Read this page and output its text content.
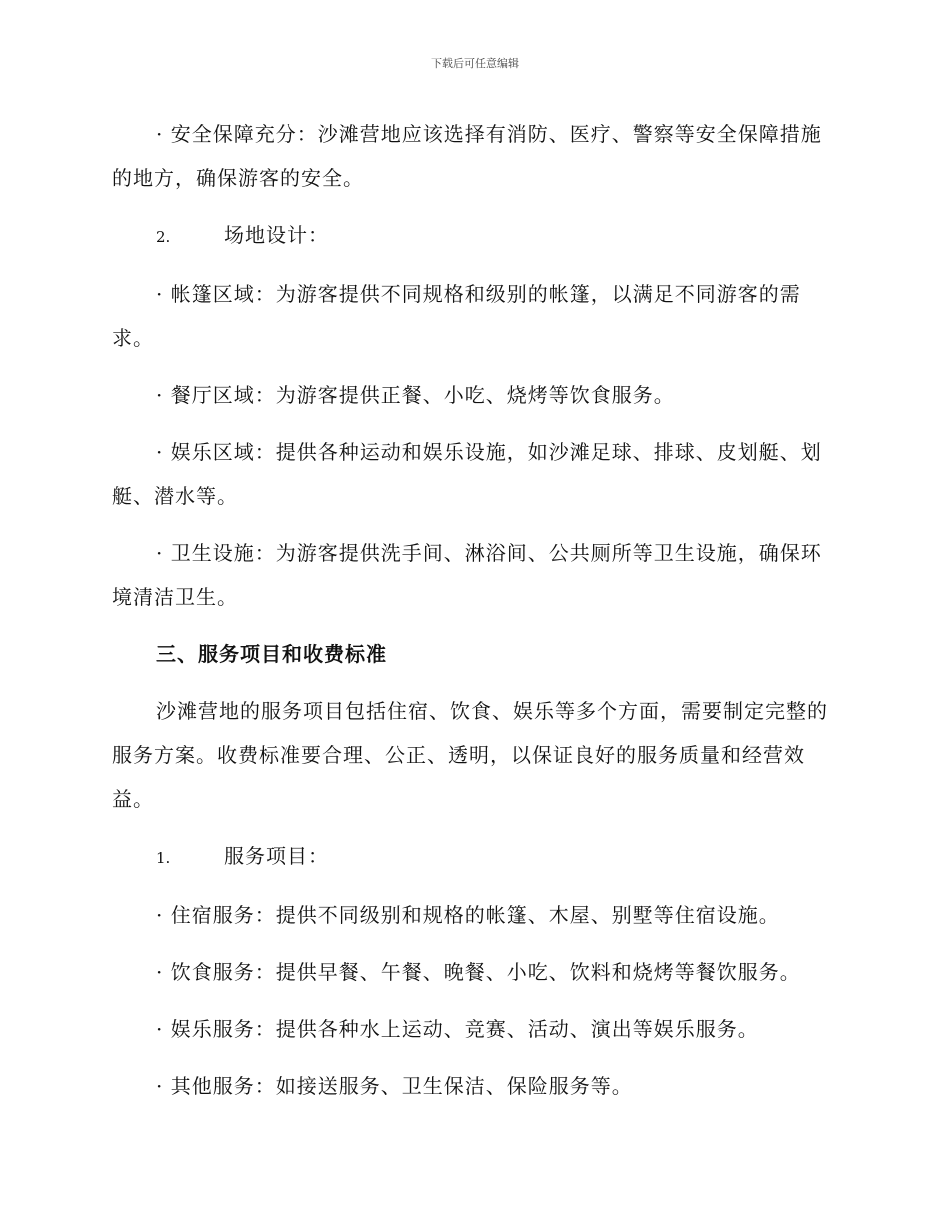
下载后可任意编辑

· 安全保障充分：沙滩营地应该选择有消防、医疗、警察等安全保障措施的地方，确保游客的安全。

2.	场地设计：

· 帐篷区域：为游客提供不同规格和级别的帐篷，以满足不同游客的需求。

· 餐厅区域：为游客提供正餐、小吃、烧烤等饮食服务。

· 娱乐区域：提供各种运动和娱乐设施，如沙滩足球、排球、皮划艇、划艇、潜水等。

· 卫生设施：为游客提供洗手间、淋浴间、公共厕所等卫生设施，确保环境清洁卫生。

三、服务项目和收费标准

沙滩营地的服务项目包括住宿、饮食、娱乐等多个方面，需要制定完整的服务方案。收费标准要合理、公正、透明，以保证良好的服务质量和经营效益。

1.	服务项目：

· 住宿服务：提供不同级别和规格的帐篷、木屋、别墅等住宿设施。

· 饮食服务：提供早餐、午餐、晚餐、小吃、饮料和烧烤等餐饮服务。

· 娱乐服务：提供各种水上运动、竞赛、活动、演出等娱乐服务。

· 其他服务：如接送服务、卫生保洁、保险服务等。
